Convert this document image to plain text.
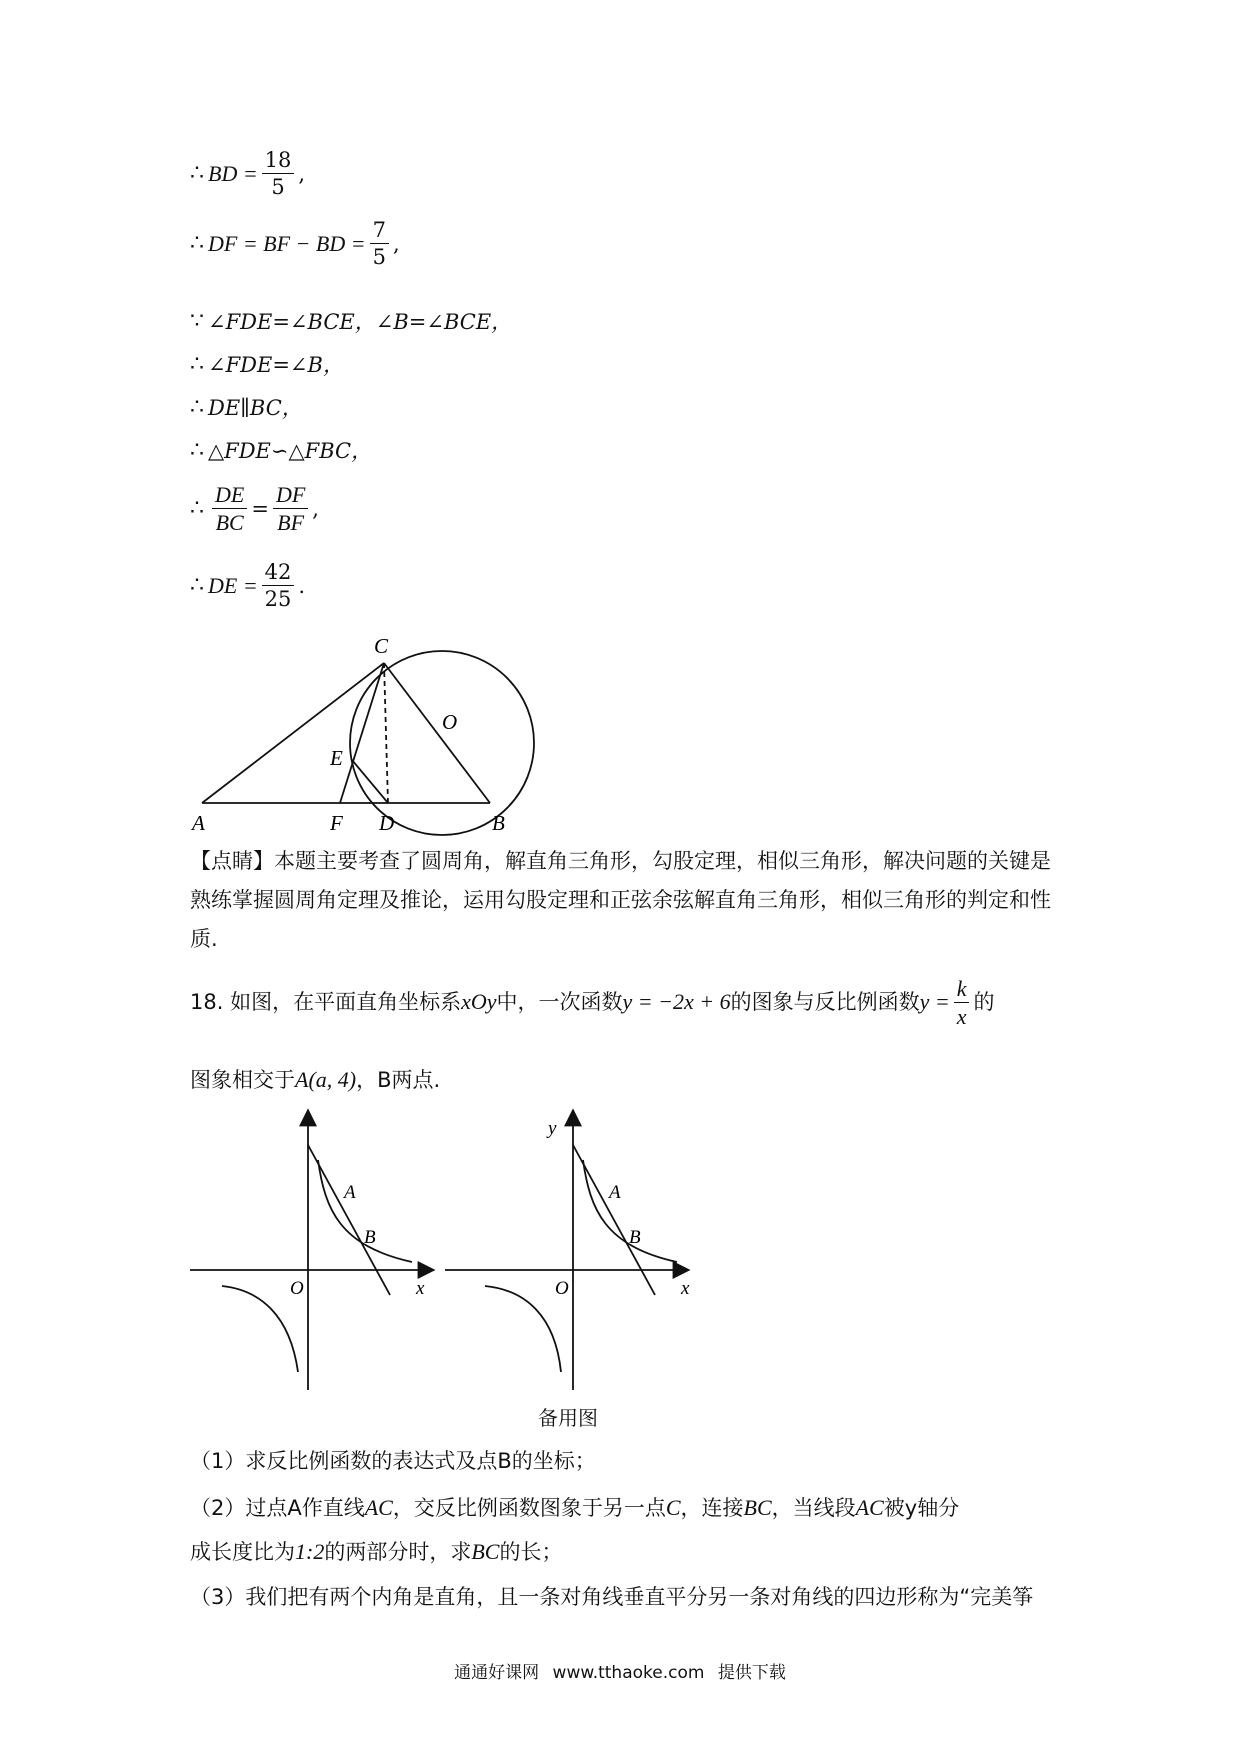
∴ BD = $\frac{18}{5}$ ,
∴ DF = BF − BD = $\frac{7}{5}$ ,
∵ ∠FDE=∠BCE，∠B=∠BCE，
∴ ∠FDE=∠B，
∴ DE∥BC，
∴ △FDE∽△FBC，
∴ $\frac{DE}{BC} = \frac{DF}{BF}$ ,
∴ DE = $\frac{42}{25}$ .
C
O
E
A	F D	B
【点睛】本题主要考查了圆周角，解直角三角形，勾股定理，相似三角形，解决问题的关键是熟练掌握圆周角定理及推论，运用勾股定理和正弦余弦解直角三角形，相似三角形的判定和性质.
18. 如图，在平面直角坐标系xOy中，一次函数y = −2x + 6的图象与反比例函数$y = \frac{k}{x}$ 的
图象相交于A(a, 4)，B两点.
A
B
O	x
y
A
B
O	x
备用图
（1）求反比例函数的表达式及点B的坐标；
（2）过点A作直线AC，交反比例函数图象于另一点C，连接BC，当线段AC被y轴分
成长度比为1:2的两部分时，求BC的长；
（3）我们把有两个内角是直角，且一条对角线垂直平分另一条对角线的四边形称为“完美筝
通通好课网 www.tthaoke.com 提供下载
